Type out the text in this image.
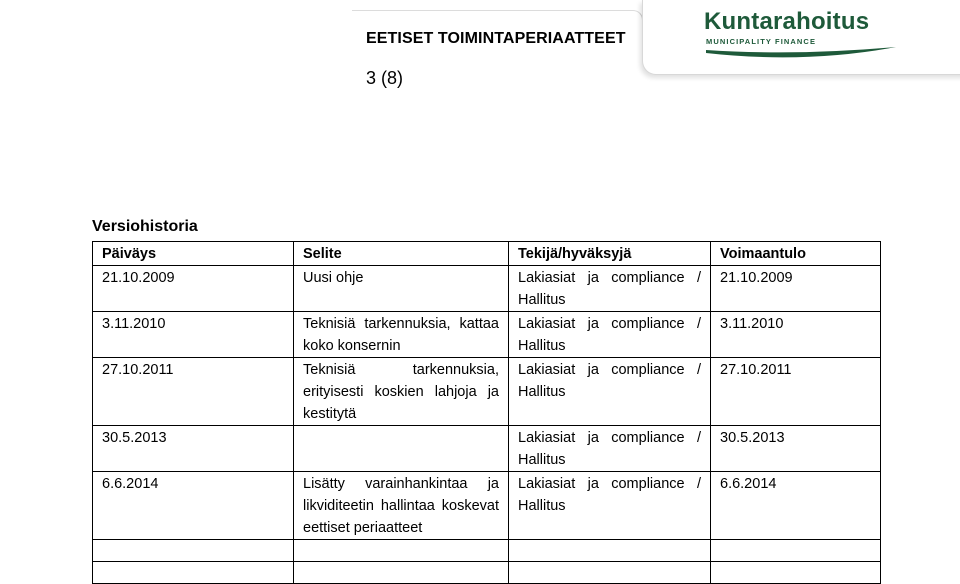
EETISET TOIMINTAPERIAATTEET
3 (8)
Kuntarahoitus
MUNICIPALITY FINANCE
Versiohistoria
Päiväys	Selite	Tekijä/hyväksyjä	Voimaantulo
21.10.2009	Uusi ohje	Lakiasiat ja compliance / Hallitus	21.10.2009
3.11.2010	Teknisiä tarkennuksia, kattaa koko konsernin	Lakiasiat ja compliance / Hallitus	3.11.2010
27.10.2011	Teknisiä tarkennuksia, erityisesti koskien lahjoja ja kestitytä	Lakiasiat ja compliance / Hallitus	27.10.2011
30.5.2013		Lakiasiat ja compliance / Hallitus	30.5.2013
6.6.2014	Lisätty varainhankintaa ja likviditeetin hallintaa koskevat eettiset periaatteet	Lakiasiat ja compliance / Hallitus	6.6.2014
